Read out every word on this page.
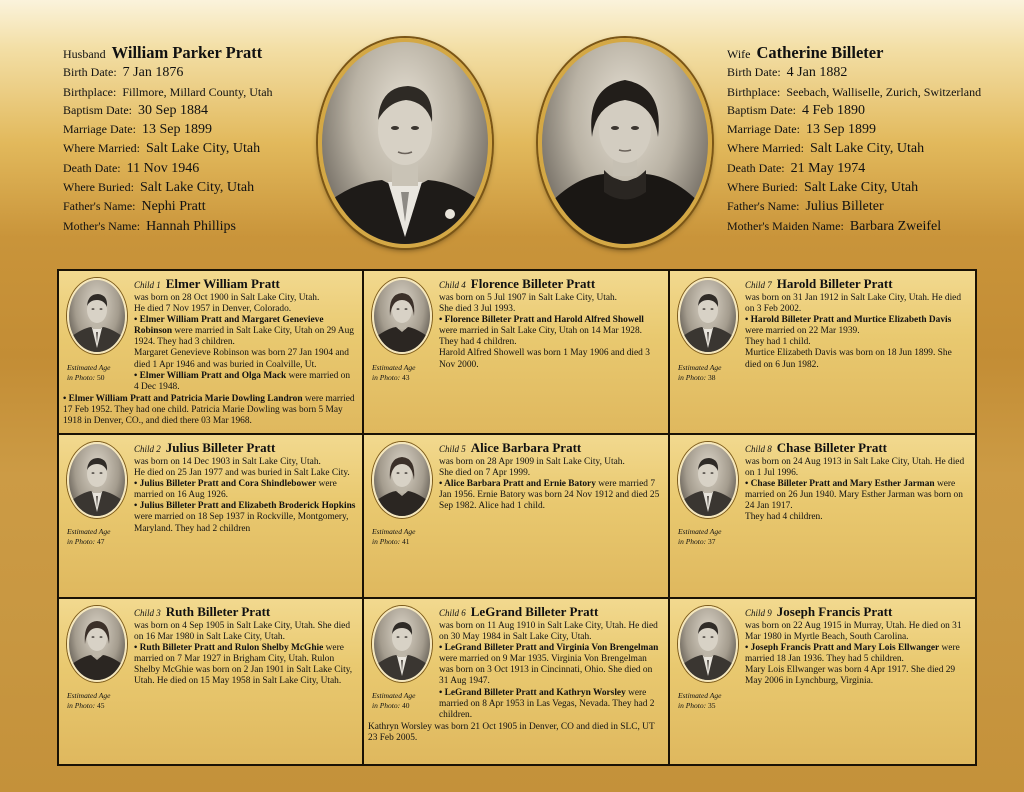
Husband William Parker Pratt
Birth Date: 7 Jan 1876
Birthplace: Fillmore, Millard County, Utah
Baptism Date: 30 Sep 1884
Marriage Date: 13 Sep 1899
Where Married: Salt Lake City, Utah
Death Date: 11 Nov 1946
Where Buried: Salt Lake City, Utah
Father's Name: Nephi Pratt
Mother's Name: Hannah Phillips
Wife Catherine Billeter
Birth Date: 4 Jan 1882
Birthplace: Seebach, Walliselle, Zurich, Switzerland
Baptism Date: 4 Feb 1890
Marriage Date: 13 Sep 1899
Where Married: Salt Lake City, Utah
Death Date: 21 May 1974
Where Buried: Salt Lake City, Utah
Father's Name: Julius Billeter
Mother's Maiden Name: Barbara Zweifel
Estimated Age
in Photo: 50
Child 1 Elmer William Pratt
was born on 28 Oct 1900 in Salt Lake City, Utah.
He died 7 Nov 1957 in Denver, Colorado.
• Elmer William Pratt and Margaret Genevieve Robinson were married in Salt Lake City, Utah on 29 Aug 1924. They had 3 children.
Margaret Genevieve Robinson was born 27 Jan 1904 and died 1 Apr 1946 and was buried in Coalville, Ut.
• Elmer William Pratt and Olga Mack were married on 4 Dec 1948.
• Elmer William Pratt and Patricia Marie Dowling Landron were married 17 Feb 1952. They had one child. Patricia Marie Dowling was born 5 May 1918 in Denver, CO., and died there 03 Mar 1968.
Estimated Age
in Photo: 43
Child 4 Florence Billeter Pratt
was born on 5 Jul 1907 in Salt Lake City, Utah.
She died 3 Jul 1993.
• Florence Billeter Pratt and Harold Alfred Showell were married in Salt Lake City, Utah on 14 Mar 1928. They had 4 children.
Harold Alfred Showell was born 1 May 1906 and died 3 Nov 2000.	Estimated Age
in Photo: 38
Child 7 Harold Billeter Pratt
was born on 31 Jan 1912 in Salt Lake City, Utah. He died on 3 Feb 2002.
• Harold Billeter Pratt and Murtice Elizabeth Davis were married on 22 Mar 1939.
They had 1 child.
Murtice Elizabeth Davis was born on 18 Jun 1899. She died on 6 Jun 1982.
Estimated Age
in Photo: 47
Child 2 Julius Billeter Pratt
was born on 14 Dec 1903 in Salt Lake City, Utah.
He died on 25 Jan 1977 and was buried in Salt Lake City.
• Julius Billeter Pratt and Cora Shindlebower were married on 16 Aug 1926.
• Julius Billeter Pratt and Elizabeth Broderick Hopkins were married on 18 Sep 1937 in Rockville, Montgomery, Maryland. They had 2 children	Estimated Age
in Photo: 41
Child 5 Alice Barbara Pratt
was born on 28 Apr 1909 in Salt Lake City, Utah.
She died on 7 Apr 1999.
• Alice Barbara Pratt and Ernie Batory were married 7 Jan 1956. Ernie Batory was born 24 Nov 1912 and died 25 Sep 1982. Alice had 1 child.
Estimated Age
in Photo: 37
Child 8 Chase Billeter Pratt
was born on 24 Aug 1913 in Salt Lake City, Utah. He died on 1 Jul 1996.
• Chase Billeter Pratt and Mary Esther Jarman were married on 26 Jun 1940. Mary Esther Jarman was born on 24 Jan 1917.
They had 4 children.
Estimated Age
in Photo: 45
Child 3 Ruth Billeter Pratt
was born on 4 Sep 1905 in Salt Lake City, Utah. She died on 16 Mar 1980 in Salt Lake City, Utah.
• Ruth Billeter Pratt and Rulon Shelby McGhie were married on 7 Mar 1927 in Brigham City, Utah. Rulon Shelby McGhie was born on 2 Jan 1901 in Salt Lake City, Utah. He died on 15 May 1958 in Salt Lake City, Utah.
Estimated Age
in Photo: 40
Child 6 LeGrand Billeter Pratt
was born on 11 Aug 1910 in Salt Lake City, Utah. He died on 30 May 1984 in Salt Lake City, Utah.
• LeGrand Billeter Pratt and Virginia Von Brengelman were married on 9 Mar 1935. Virginia Von Brengelman was born on 3 Oct 1913 in Cincinnati, Ohio. She died on 31 Aug 1947.
• LeGrand Billeter Pratt and Kathryn Worsley were married on 8 Apr 1953 in Las Vegas, Nevada. They had 2 children.
Kathryn Worsley was born 21 Oct 1905 in Denver, CO and died in SLC, UT 23 Feb 2005.
Estimated Age
in Photo: 35
Child 9 Joseph Francis Pratt
was born on 22 Aug 1915 in Murray, Utah. He died on 31 Mar 1980 in Myrtle Beach, South Carolina.
• Joseph Francis Pratt and Mary Lois Ellwanger were married 18 Jan 1936. They had 5 children.
Mary Lois Ellwanger was born 4 Apr 1917. She died 29 May 2006 in Lynchburg, Virginia.
